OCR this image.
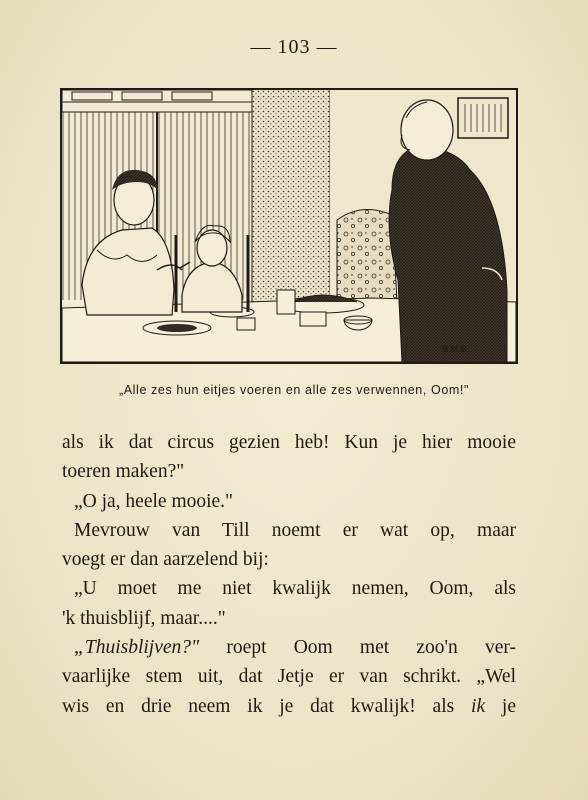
— 103 —
B.M.B.
„Alle zes hun eitjes voeren en alle zes verwennen, Oom!"
als ik dat circus gezien heb! Kun je hier mooie
toeren maken?"
„O ja, heele mooie."
Mevrouw van Till noemt er wat op, maar
voegt er dan aarzelend bij:
„U moet me niet kwalijk nemen, Oom, als
'k thuisblijf, maar...."
„Thuisblijven?" roept Oom met zoo'n ver-
vaarlijke stem uit, dat Jetje er van schrikt. „Wel
wis en drie neem ik je dat kwalijk! als ik je
